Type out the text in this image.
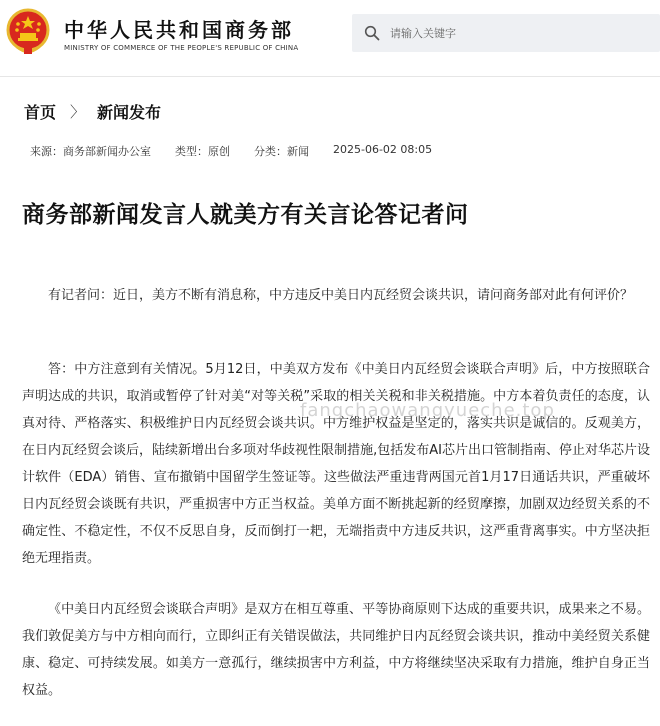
中华人民共和国商务部
MINISTRY OF COMMERCE OF THE PEOPLE'S REPUBLIC OF CHINA
请输入关键字
首页 〉 新闻发布
来源：商务部新闻办公室 类型：原创 分类：新闻 2025-06-02 08:05
商务部新闻发言人就美方有关言论答记者问

有记者问：近日，美方不断有消息称，中方违反中美日内瓦经贸会谈共识，请问商务部对此有何评价？

答：中方注意到有关情况。5月12日，中美双方发布《中美日内瓦经贸会谈联合声明》后，中方按照联合声明达成的共识，取消或暂停了针对美“对等关税”采取的相关关税和非关税措施。中方本着负责任的态度，认真对待、严格落实、积极维护日内瓦经贸会谈共识。中方维护权益是坚定的，落实共识是诚信的。反观美方，在日内瓦经贸会谈后，陆续新增出台多项对华歧视性限制措施,包括发布AI芯片出口管制指南、停止对华芯片设计软件（EDA）销售、宣布撤销中国留学生签证等。这些做法严重违背两国元首1月17日通话共识，严重破坏日内瓦经贸会谈既有共识，严重损害中方正当权益。美单方面不断挑起新的经贸摩擦，加剧双边经贸关系的不确定性、不稳定性，不仅不反思自身，反而倒打一耙，无端指责中方违反共识，这严重背离事实。中方坚决拒绝无理指责。

《中美日内瓦经贸会谈联合声明》是双方在相互尊重、平等协商原则下达成的重要共识，成果来之不易。我们敦促美方与中方相向而行，立即纠正有关错误做法，共同维护日内瓦经贸会谈共识，推动中美经贸关系健康、稳定、可持续发展。如美方一意孤行，继续损害中方利益，中方将继续坚决采取有力措施，维护自身正当权益。

fangchaowangyueche.top
